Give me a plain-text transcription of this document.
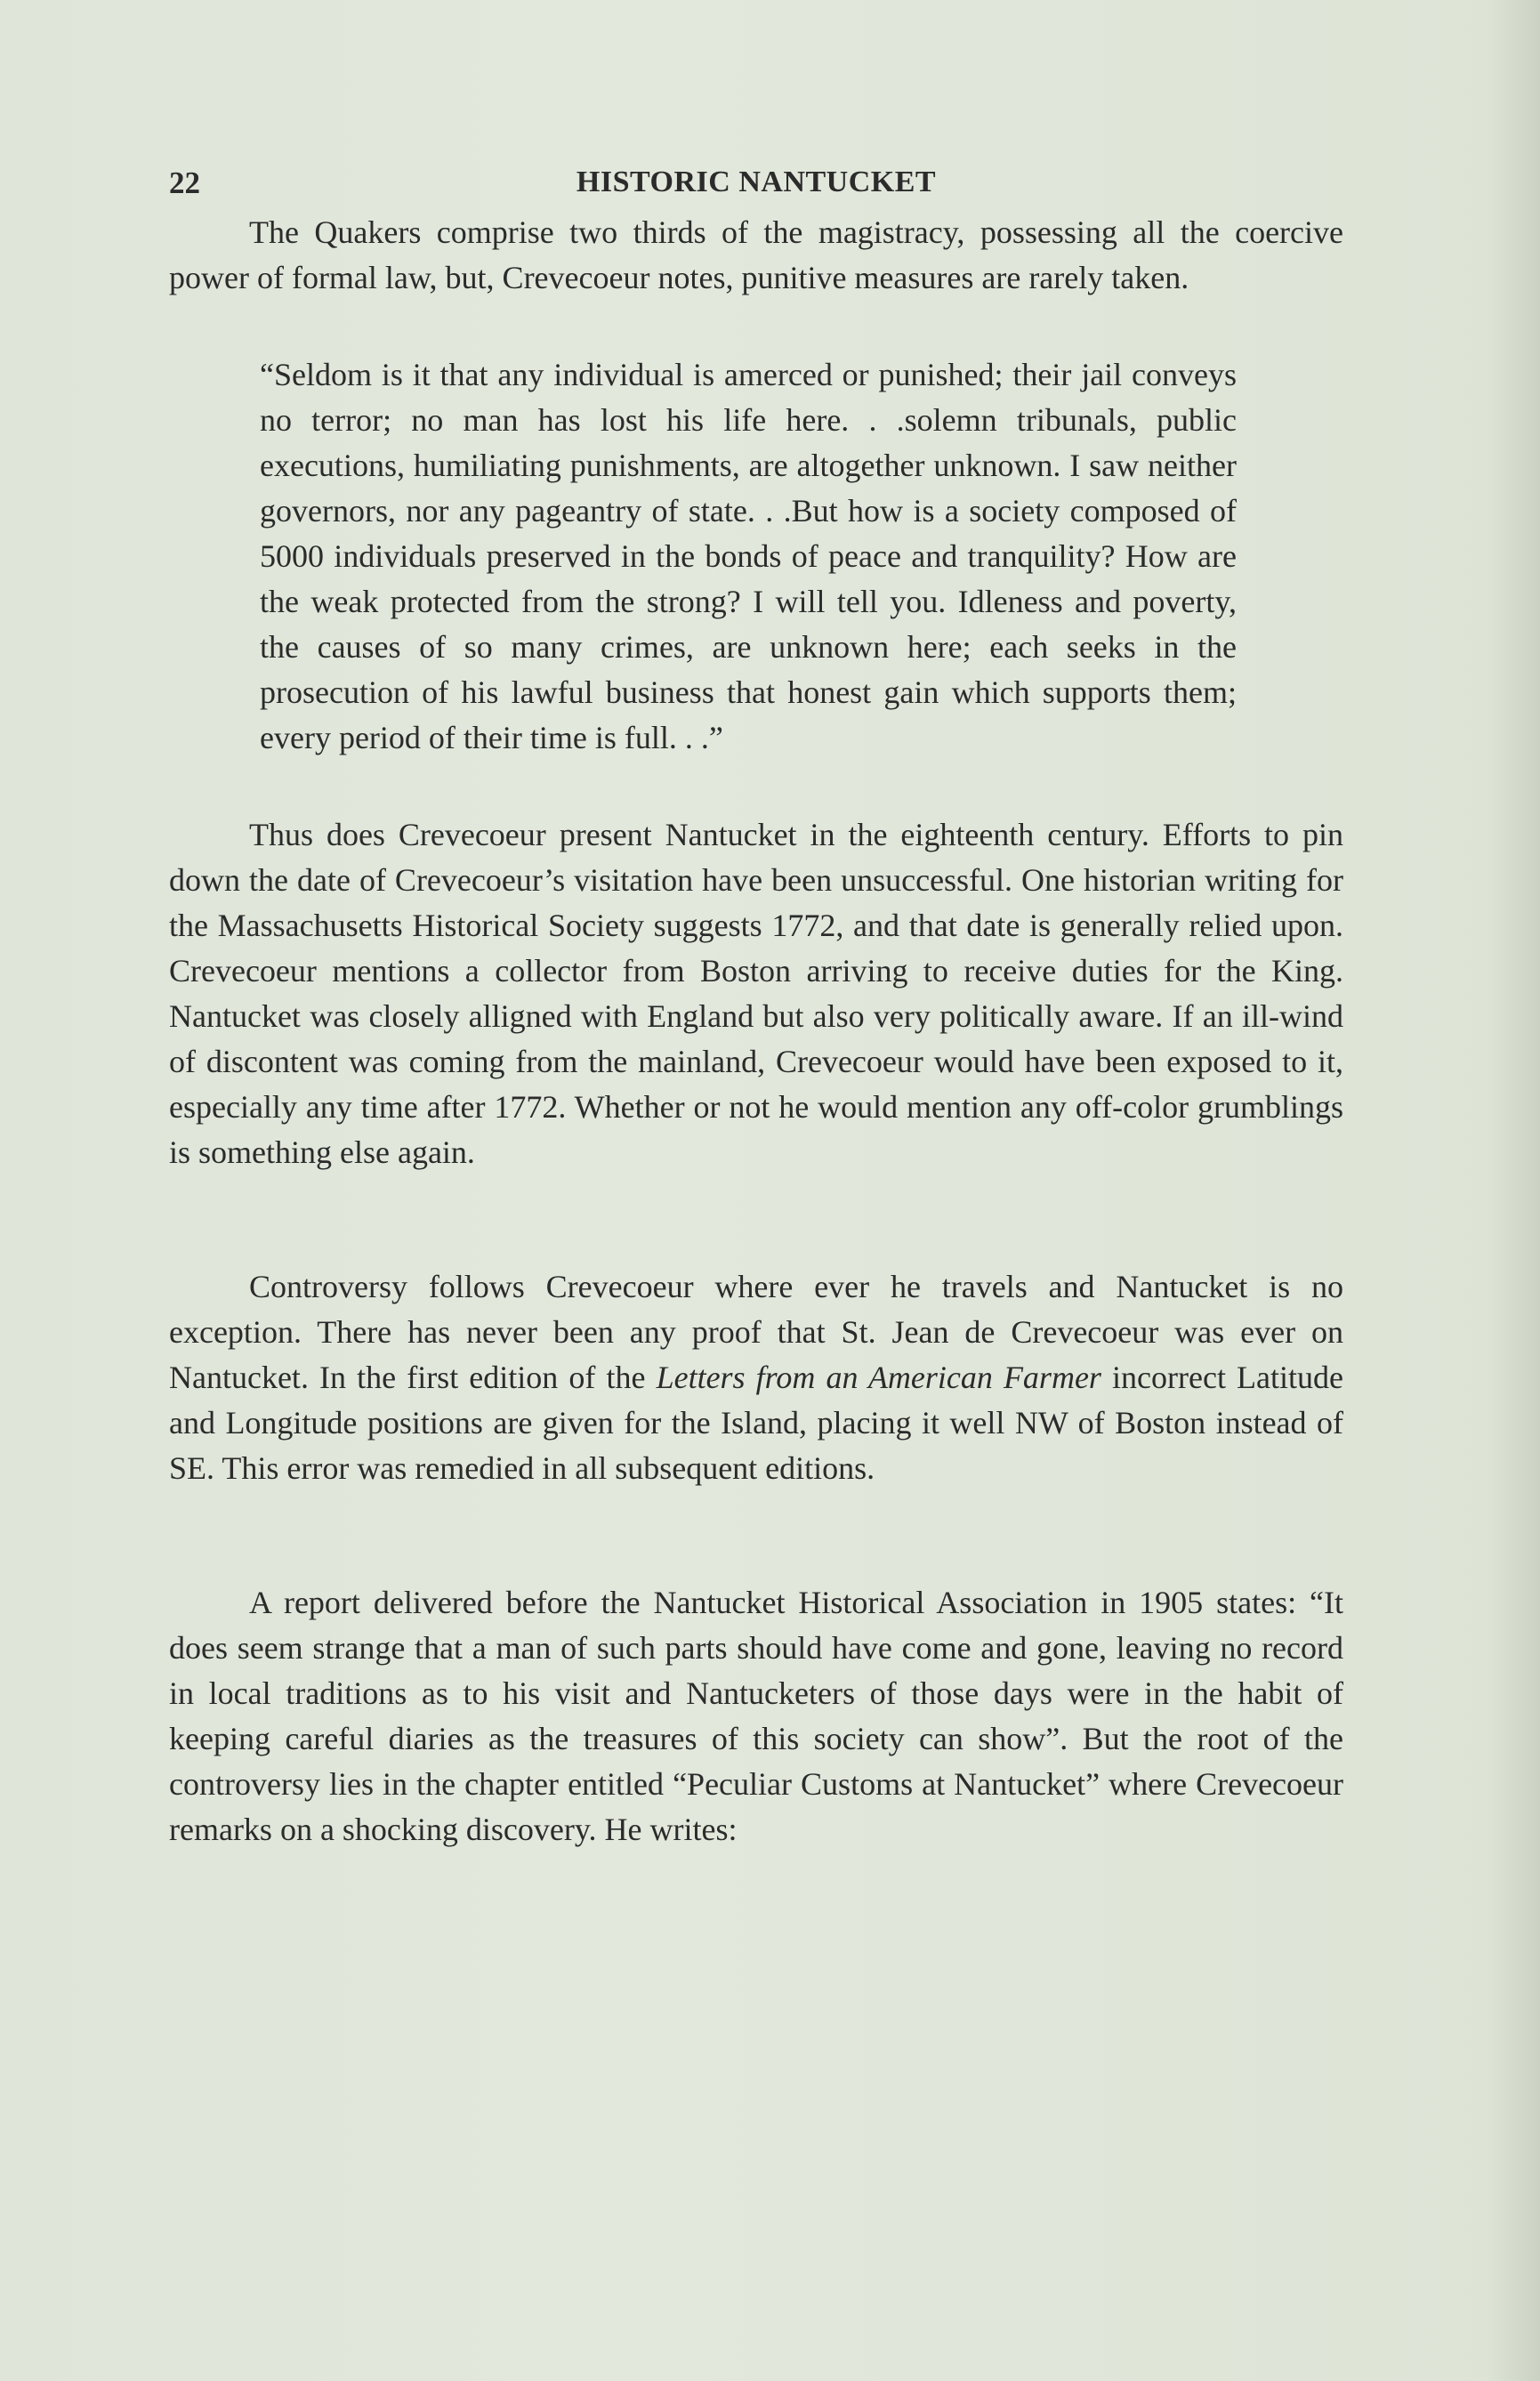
22	HISTORIC NANTUCKET

The Quakers comprise two thirds of the magistracy, possessing all the coercive power of formal law, but, Crevecoeur notes, punitive measures are rarely taken.

“Seldom is it that any individual is amerced or punished; their jail conveys no terror; no man has lost his life here. . .solemn tribunals, public executions, humiliating punishments, are altogether unknown. I saw neither governors, nor any pageantry of state. . .But how is a society composed of 5000 individuals preserved in the bonds of peace and tranquility? How are the weak protected from the strong? I will tell you. Idleness and poverty, the causes of so many crimes, are unknown here; each seeks in the prosecution of his lawful business that honest gain which supports them; every period of their time is full. . .”

Thus does Crevecoeur present Nantucket in the eighteenth century. Efforts to pin down the date of Crevecoeur’s visitation have been unsuccessful. One historian writing for the Massachusetts Historical Society suggests 1772, and that date is generally relied upon. Crevecoeur mentions a collector from Boston arriving to receive duties for the King. Nantucket was closely alligned with England but also very politically aware. If an ill-wind of discontent was coming from the mainland, Crevecoeur would have been exposed to it, especially any time after 1772. Whether or not he would mention any off-color grumblings is something else again.

Controversy follows Crevecoeur where ever he travels and Nantucket is no exception. There has never been any proof that St. Jean de Crevecoeur was ever on Nantucket. In the first edition of the Letters from an American Farmer incorrect Latitude and Longitude positions are given for the Island, placing it well NW of Boston instead of SE. This error was remedied in all subsequent editions.

A report delivered before the Nantucket Historical Association in 1905 states: “It does seem strange that a man of such parts should have come and gone, leaving no record in local traditions as to his visit and Nantucketers of those days were in the habit of keeping careful diaries as the treasures of this society can show”. But the root of the controversy lies in the chapter entitled “Peculiar Customs at Nantucket” where Crevecoeur remarks on a shocking discovery. He writes:
